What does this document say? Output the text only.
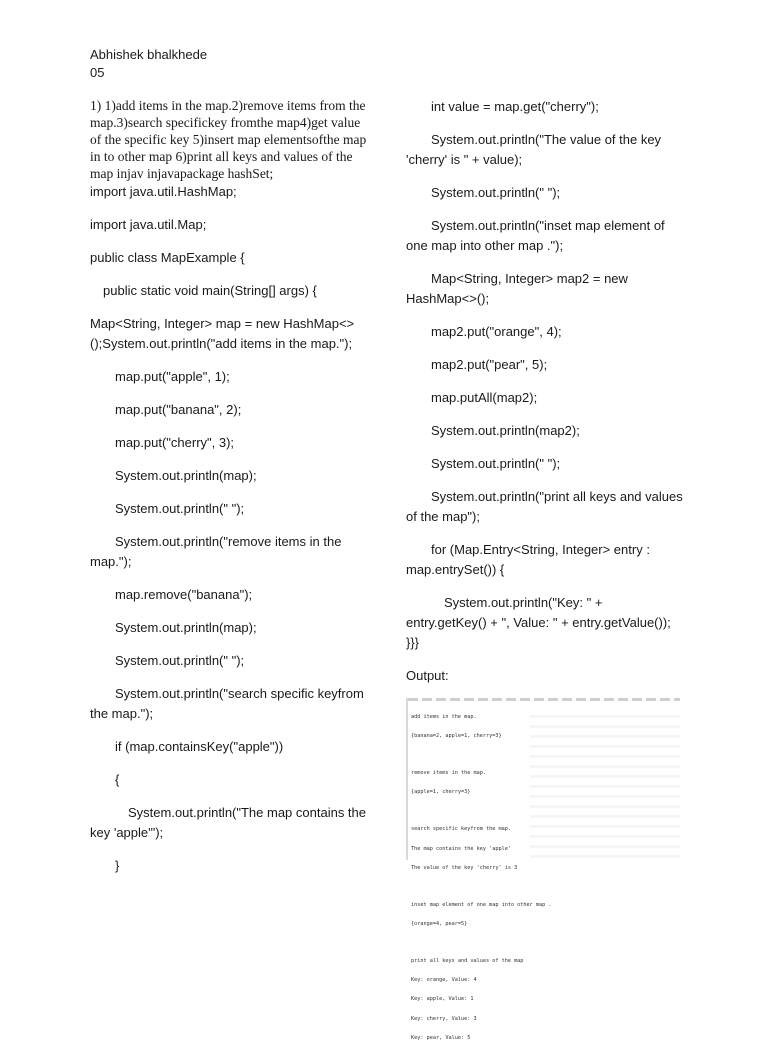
Abhishek bhalkhede
05
1) 1)add items in the map.2)remove items from the map.3)search specifickey fromthe map4)get value of the specific key 5)insert map elementsofthe map in to other map 6)print all keys and values of the map injav injavapackage hashSet;
import java.util.HashMap;
import java.util.Map;
public class MapExample {
public static void main(String[] args) {
Map<String, Integer> map = new HashMap<>();System.out.println("add items in the map.");
map.put("apple", 1);
map.put("banana", 2);
map.put("cherry", 3);
System.out.println(map);
System.out.println(" ");
System.out.println("remove items in the map.");
map.remove("banana");
System.out.println(map);
System.out.println(" ");
System.out.println("search specific keyfrom the map.");
if (map.containsKey("apple"))
{
System.out.println("The map contains the key 'apple'");
}
int value = map.get("cherry");
System.out.println("The value of the key 'cherry' is " + value);
System.out.println(" ");
System.out.println("inset map element of one map into other map .");
Map<String, Integer> map2 = new HashMap<>();
map2.put("orange", 4);
map2.put("pear", 5);
map.putAll(map2);
System.out.println(map2);
System.out.println(" ");
System.out.println("print all keys and values of the map");
for (Map.Entry<String, Integer> entry : map.entrySet()) {
System.out.println("Key: " + entry.getKey() + ", Value: " + entry.getValue()); }}}
Output:

add items in the map.

{banana=2, apple=1, cherry=3}

remove items in the map.

{apple=1, cherry=3}

search specific keyfrom the map.

The map contains the key 'apple'

The value of the key 'cherry' is 3

inset map element of one map into other map .

{orange=4, pear=5}

print all keys and values of the map

Key: orange, Value: 4

Key: apple, Value: 1

Key: cherry, Value: 3

Key: pear, Value: 5
